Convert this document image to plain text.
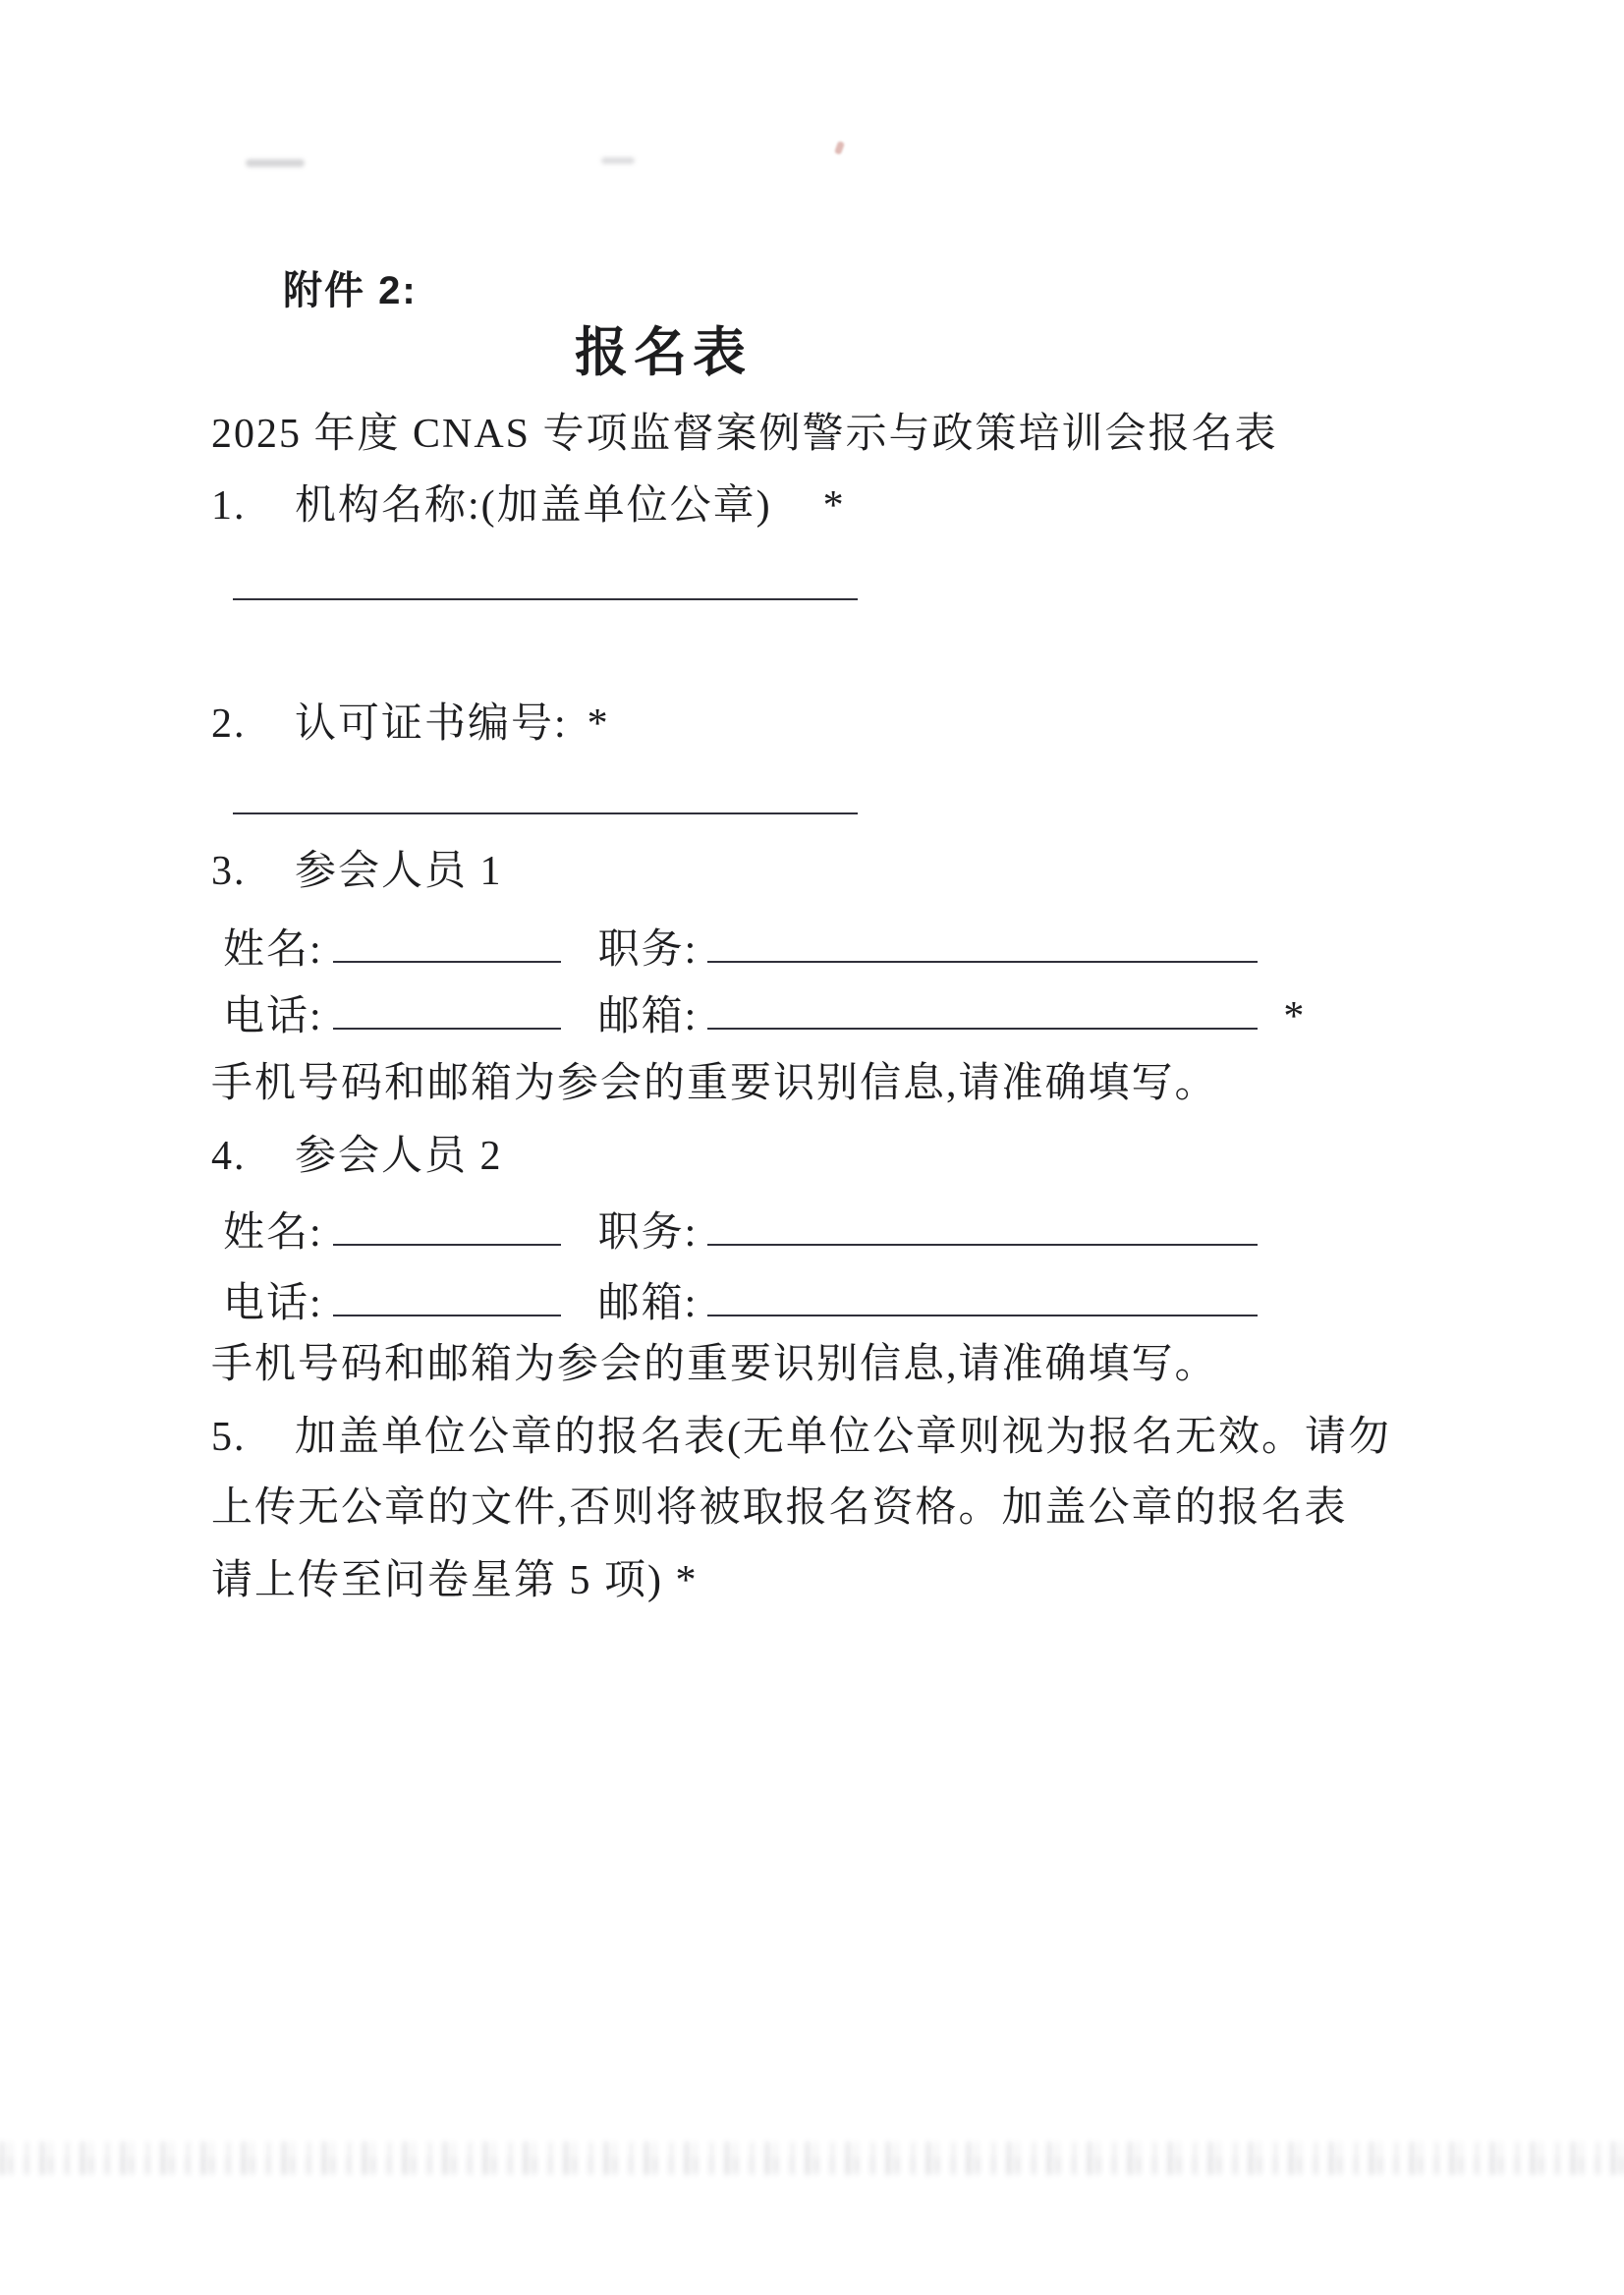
附件 2:
报名表
2025 年度 CNAS 专项监督案例警示与政策培训会报名表
1. 机构名称:(加盖单位公章) *
2. 认可证书编号: *
3. 参会人员 1
姓名:	职务:
电话:	邮箱:	*
手机号码和邮箱为参会的重要识别信息,请准确填写。
4. 参会人员 2
姓名:	职务:
电话:	邮箱:
手机号码和邮箱为参会的重要识别信息,请准确填写。
5. 加盖单位公章的报名表(无单位公章则视为报名无效。请勿
上传无公章的文件,否则将被取报名资格。加盖公章的报名表
请上传至问卷星第 5 项) *
